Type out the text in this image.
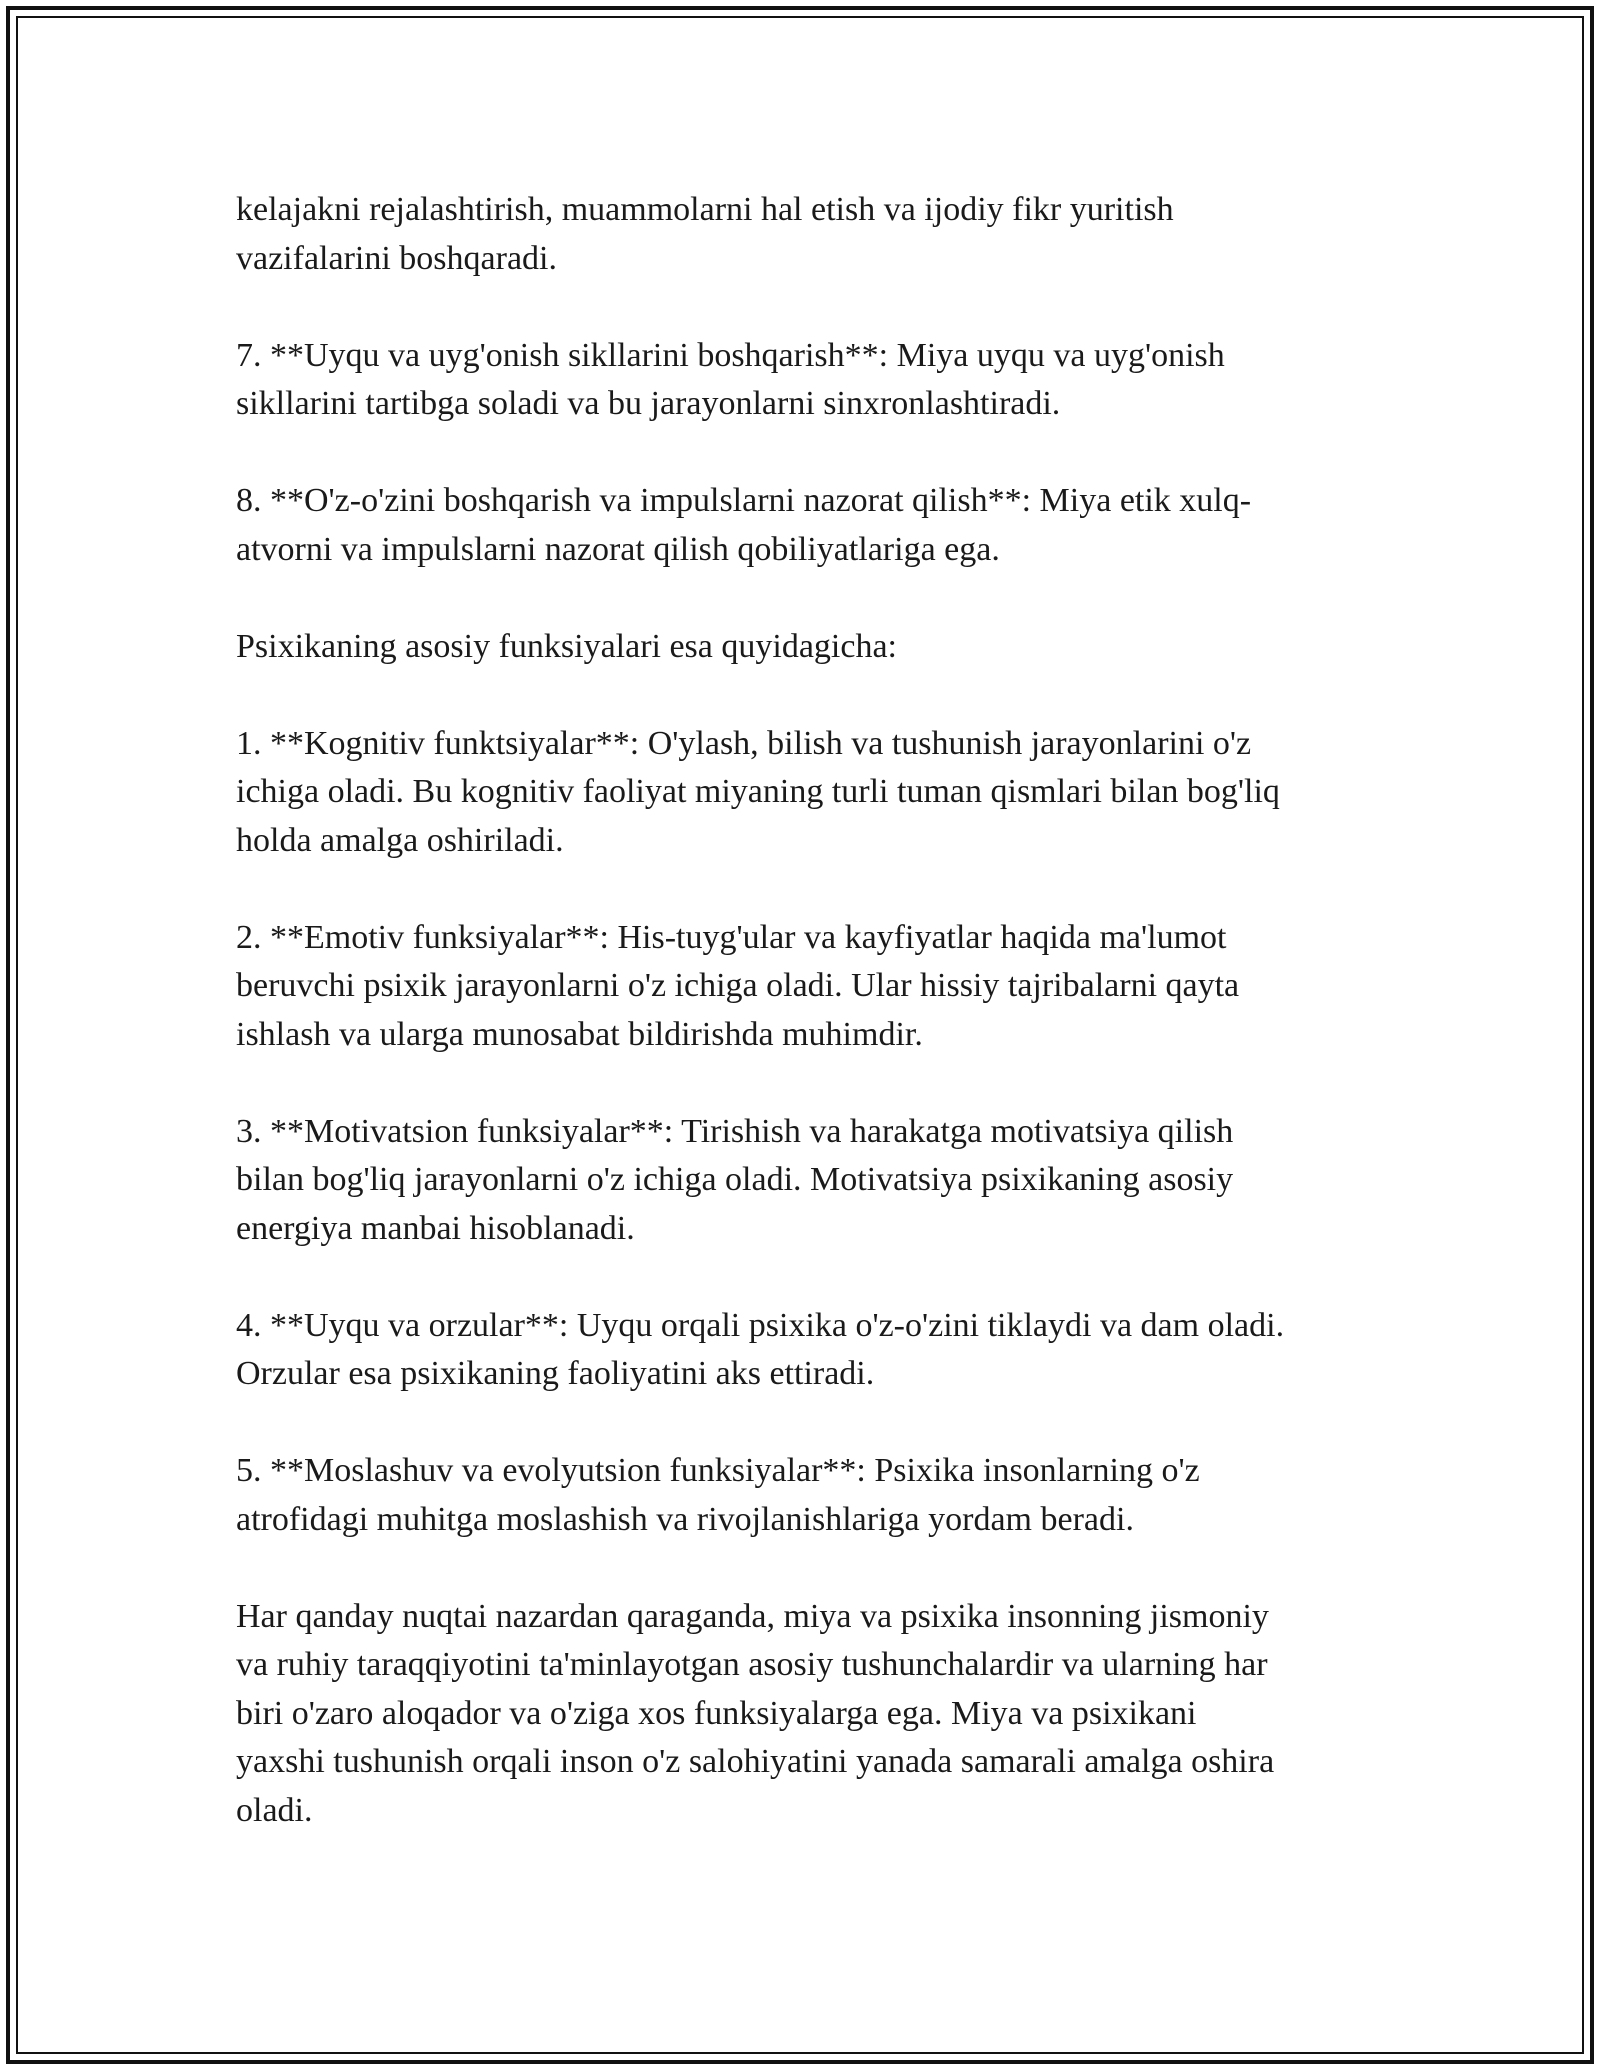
kelajakni rejalashtirish, muammolarni hal etish va ijodiy fikr yuritish
vazifalarini boshqaradi.

7. **Uyqu va uyg'onish sikllarini boshqarish**: Miya uyqu va uyg'onish
sikllarini tartibga soladi va bu jarayonlarni sinxronlashtiradi.

8. **O'z-o'zini boshqarish va impulslarni nazorat qilish**: Miya etik xulq-
atvorni va impulslarni nazorat qilish qobiliyatlariga ega.

Psixikaning asosiy funksiyalari esa quyidagicha:

1. **Kognitiv funktsiyalar**: O'ylash, bilish va tushunish jarayonlarini o'z
ichiga oladi. Bu kognitiv faoliyat miyaning turli tuman qismlari bilan bog'liq
holda amalga oshiriladi.

2. **Emotiv funksiyalar**: His-tuyg'ular va kayfiyatlar haqida ma'lumot
beruvchi psixik jarayonlarni o'z ichiga oladi. Ular hissiy tajribalarni qayta
ishlash va ularga munosabat bildirishda muhimdir.

3. **Motivatsion funksiyalar**: Tirishish va harakatga motivatsiya qilish
bilan bog'liq jarayonlarni o'z ichiga oladi. Motivatsiya psixikaning asosiy
energiya manbai hisoblanadi.

4. **Uyqu va orzular**: Uyqu orqali psixika o'z-o'zini tiklaydi va dam oladi.
Orzular esa psixikaning faoliyatini aks ettiradi.

5. **Moslashuv va evolyutsion funksiyalar**: Psixika insonlarning o'z
atrofidagi muhitga moslashish va rivojlanishlariga yordam beradi.

Har qanday nuqtai nazardan qaraganda, miya va psixika insonning jismoniy
va ruhiy taraqqiyotini ta'minlayotgan asosiy tushunchalardir va ularning har
biri o'zaro aloqador va o'ziga xos funksiyalarga ega. Miya va psixikani
yaxshi tushunish orqali inson o'z salohiyatini yanada samarali amalga oshira
oladi.
